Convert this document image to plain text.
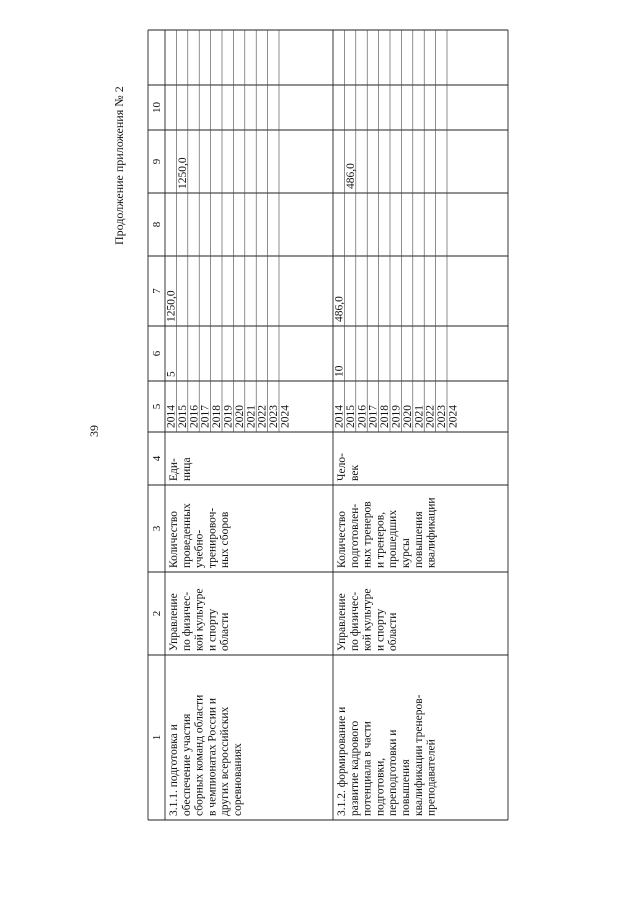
39
Продолжение приложения № 2
1
2
3
4
5
6
7
8
9
10
3.1.1. подготовка и обеспечение участия сборных команд области в чемпионатах России и других всероссийских соревнованиях
Управление по физичес- кой культуре и спорту области
Количество проведенных учебно- тренировоч- ных сборов
Еди- ница
2014 2015 2016 2017 2018 2019 2020 2021 2022 2023 2024
5
1250,0
1250,0
3.1.2. формирование и развитие кадрового потенциала в части подготовки, переподготовки и повышения квалификации тренеров- преподавателей
Управление по физичес- кой культуре и спорту области
Количество подготовлен- ных тренеров и тренеров, прошедших курсы повышения квалификации
Чело- век
2014 2015 2016 2017 2018 2019 2020 2021 2022 2023 2024
10
486,0
486,0
